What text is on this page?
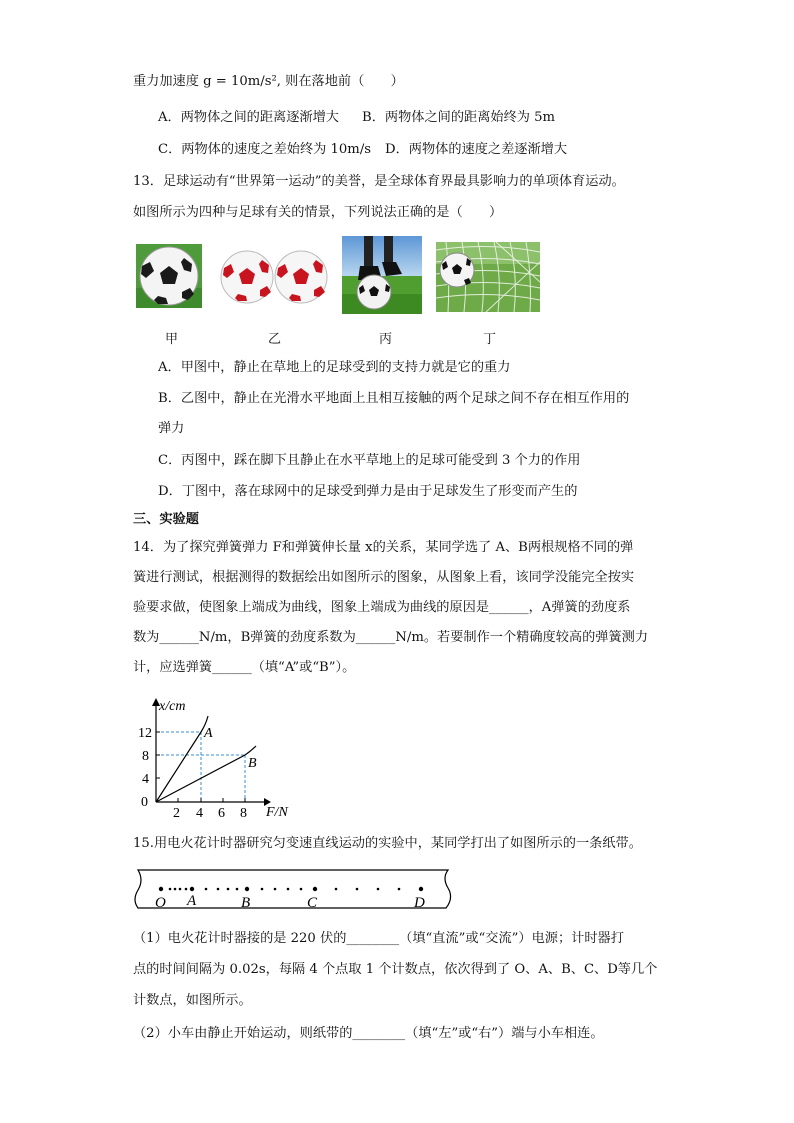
重力加速度 g = 10m/s², 则在落地前（　　）
A．两物体之间的距离逐渐增大 B．两物体之间的距离始终为 5m
C．两物体的速度之差始终为 10m/s D．两物体的速度之差逐渐增大
13．足球运动有“世界第一运动”的美誉，是全球体育界最具影响力的单项体育运动。
如图所示为四种与足球有关的情景，下列说法正确的是（　　）
甲	乙	丙	丁
A．甲图中，静止在草地上的足球受到的支持力就是它的重力
B．乙图中，静止在光滑水平地面上且相互接触的两个足球之间不存在相互作用的
弹力
C．丙图中，踩在脚下且静止在水平草地上的足球可能受到 3 个力的作用
D．丁图中，落在球网中的足球受到弹力是由于足球发生了形变而产生的
三、实验题
14．为了探究弹簧弹力 F和弹簧伸长量 x的关系，某同学选了 A、B两根规格不同的弹
簧进行测试，根据测得的数据绘出如图所示的图象，从图象上看，该同学没能完全按实
验要求做，使图象上端成为曲线，图象上端成为曲线的原因是______，A弹簧的劲度系
数为______N/m，B弹簧的劲度系数为______N/m。若要制作一个精确度较高的弹簧测力
计，应选弹簧______（填“A”或“B”）。
x/cm
F/N
0
2 4 6 8
4
8
12	A
B
15.用电火花计时器研究匀变速直线运动的实验中，某同学打出了如图所示的一条纸带。
O A	B	C	D
（1）电火花计时器接的是 220 伏的________（填“直流”或“交流”）电源；计时器打
点的时间间隔为 0.02s，每隔 4 个点取 1 个计数点，依次得到了 O、A、B、C、D等几个
计数点，如图所示。
（2）小车由静止开始运动，则纸带的________（填“左”或“右”）端与小车相连。
